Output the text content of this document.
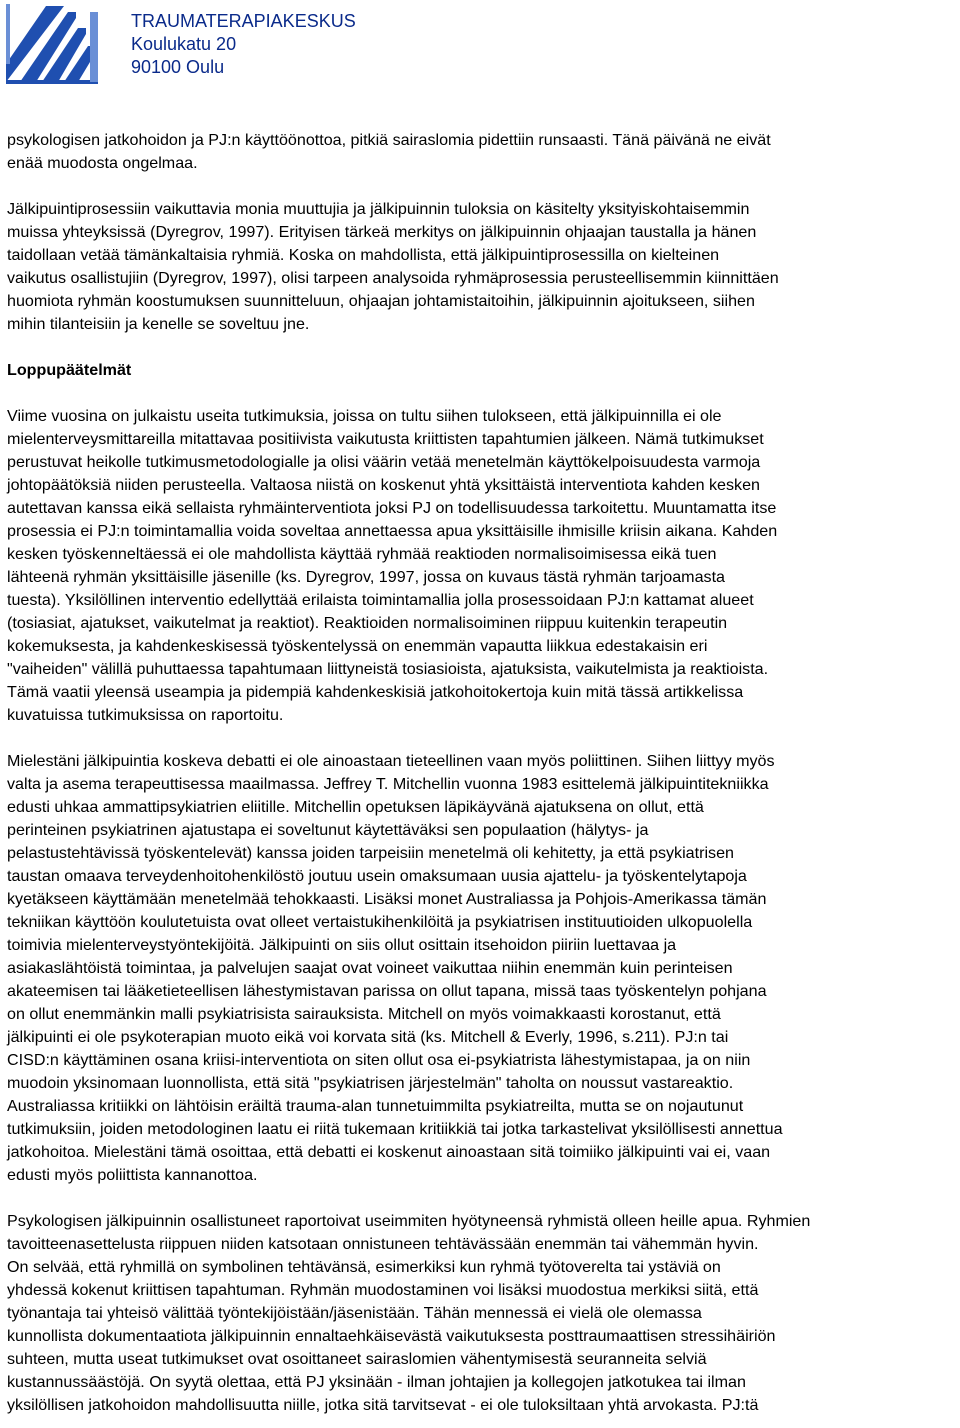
TRAUMATERAPIAKESKUS
Koulukatu 20
90100 Oulu

psykologisen jatkohoidon ja PJ:n käyttöönottoa, pitkiä sairaslomia pidettiin runsaasti. Tänä päivänä ne eivät
enää muodosta ongelmaa.

Jälkipuintiprosessiin vaikuttavia monia muuttujia ja jälkipuinnin tuloksia on käsitelty yksityiskohtaisemmin
muissa yhteyksissä (Dyregrov, 1997). Erityisen tärkeä merkitys on jälkipuinnin ohjaajan taustalla ja hänen
taidollaan vetää tämänkaltaisia ryhmiä. Koska on mahdollista, että jälkipuintiprosessilla on kielteinen
vaikutus osallistujiin (Dyregrov, 1997), olisi tarpeen analysoida ryhmäprosessia perusteellisemmin kiinnittäen
huomiota ryhmän koostumuksen suunnitteluun, ohjaajan johtamistaitoihin, jälkipuinnin ajoitukseen, siihen
mihin tilanteisiin ja kenelle se soveltuu jne.

Loppupäätelmät

Viime vuosina on julkaistu useita tutkimuksia, joissa on tultu siihen tulokseen, että jälkipuinnilla ei ole
mielenterveysmittareilla mitattavaa positiivista vaikutusta kriittisten tapahtumien jälkeen. Nämä tutkimukset
perustuvat heikolle tutkimusmetodologialle ja olisi väärin vetää menetelmän käyttökelpoisuudesta varmoja
johtopäätöksiä niiden perusteella. Valtaosa niistä on koskenut yhtä yksittäistä interventiota kahden kesken
autettavan kanssa eikä sellaista ryhmäinterventiota joksi PJ on todellisuudessa tarkoitettu. Muuntamatta itse
prosessia ei PJ:n toimintamallia voida soveltaa annettaessa apua yksittäisille ihmisille kriisin aikana. Kahden
kesken työskenneltäessä ei ole mahdollista käyttää ryhmää reaktioden normalisoimisessa eikä tuen
lähteenä ryhmän yksittäisille jäsenille (ks. Dyregrov, 1997, jossa on kuvaus tästä ryhmän tarjoamasta
tuesta). Yksilöllinen interventio edellyttää erilaista toimintamallia jolla prosessoidaan PJ:n kattamat alueet
(tosiasiat, ajatukset, vaikutelmat ja reaktiot). Reaktioiden normalisoiminen riippuu kuitenkin terapeutin
kokemuksesta, ja kahdenkeskisessä työskentelyssä on enemmän vapautta liikkua edestakaisin eri
"vaiheiden" välillä puhuttaessa tapahtumaan liittyneistä tosiasioista, ajatuksista, vaikutelmista ja reaktioista.
Tämä vaatii yleensä useampia ja pidempiä kahdenkeskisiä jatkohoitokertoja kuin mitä tässä artikkelissa
kuvatuissa tutkimuksissa on raportoitu.

Mielestäni jälkipuintia koskeva debatti ei ole ainoastaan tieteellinen vaan myös poliittinen. Siihen liittyy myös
valta ja asema terapeuttisessa maailmassa. Jeffrey T. Mitchellin vuonna 1983 esittelemä jälkipuintitekniikka
edusti uhkaa ammattipsykiatrien eliitille. Mitchellin opetuksen läpikäyvänä ajatuksena on ollut, että
perinteinen psykiatrinen ajatustapa ei soveltunut käytettäväksi sen populaation (hälytys- ja
pelastustehtävissä työskentelevät) kanssa joiden tarpeisiin menetelmä oli kehitetty, ja että psykiatrisen
taustan omaava terveydenhoitohenkilöstö joutuu usein omaksumaan uusia ajattelu- ja työskentelytapoja
kyetäkseen käyttämään menetelmää tehokkaasti. Lisäksi monet Australiassa ja Pohjois-Amerikassa tämän
tekniikan käyttöön koulutetuista ovat olleet vertaistukihenkilöitä ja psykiatrisen instituutioiden ulkopuolella
toimivia mielenterveystyöntekijöitä. Jälkipuinti on siis ollut osittain itsehoidon piiriin luettavaa ja
asiakaslähtöistä toimintaa, ja palvelujen saajat ovat voineet vaikuttaa niihin enemmän kuin perinteisen
akateemisen tai lääketieteellisen lähestymistavan parissa on ollut tapana, missä taas työskentelyn pohjana
on ollut enemmänkin malli psykiatrisista sairauksista. Mitchell on myös voimakkaasti korostanut, että
jälkipuinti ei ole psykoterapian muoto eikä voi korvata sitä (ks. Mitchell & Everly, 1996, s.211). PJ:n tai
CISD:n käyttäminen osana kriisi-interventiota on siten ollut osa ei-psykiatrista lähestymistapaa, ja on niin
muodoin yksinomaan luonnollista, että sitä "psykiatrisen järjestelmän" taholta on noussut vastareaktio.
Australiassa kritiikki on lähtöisin eräiltä trauma-alan tunnetuimmilta psykiatreilta, mutta se on nojautunut
tutkimuksiin, joiden metodologinen laatu ei riitä tukemaan kritiikkiä tai jotka tarkastelivat yksilöllisesti annettua
jatkohoitoa. Mielestäni tämä osoittaa, että debatti ei koskenut ainoastaan sitä toimiiko jälkipuinti vai ei, vaan
edusti myös poliittista kannanottoa.

Psykologisen jälkipuinnin osallistuneet raportoivat useimmiten hyötyneensä ryhmistä olleen heille apua. Ryhmien
tavoitteenasettelusta riippuen niiden katsotaan onnistuneen tehtävässään enemmän tai vähemmän hyvin.
On selvää, että ryhmillä on symbolinen tehtävänsä, esimerkiksi kun ryhmä työtoverelta tai ystäviä on
yhdessä kokenut kriittisen tapahtuman. Ryhmän muodostaminen voi lisäksi muodostua merkiksi siitä, että
työnantaja tai yhteisö välittää työntekijöistään/jäsenistään. Tähän mennessä ei vielä ole olemassa
kunnollista dokumentaatiota jälkipuinnin ennaltaehkäisevästä vaikutuksesta posttraumaattisen stressihäiriön
suhteen, mutta useat tutkimukset ovat osoittaneet sairaslomien vähentymisestä seuranneita selviä
kustannussäästöjä. On syytä olettaa, että PJ yksinään - ilman johtajien ja kollegojen jatkotukea tai ilman
yksilöllisen jatkohoidon mahdollisuutta niille, jotka sitä tarvitsevat - ei ole tuloksiltaan yhtä arvokasta. PJ:tä
